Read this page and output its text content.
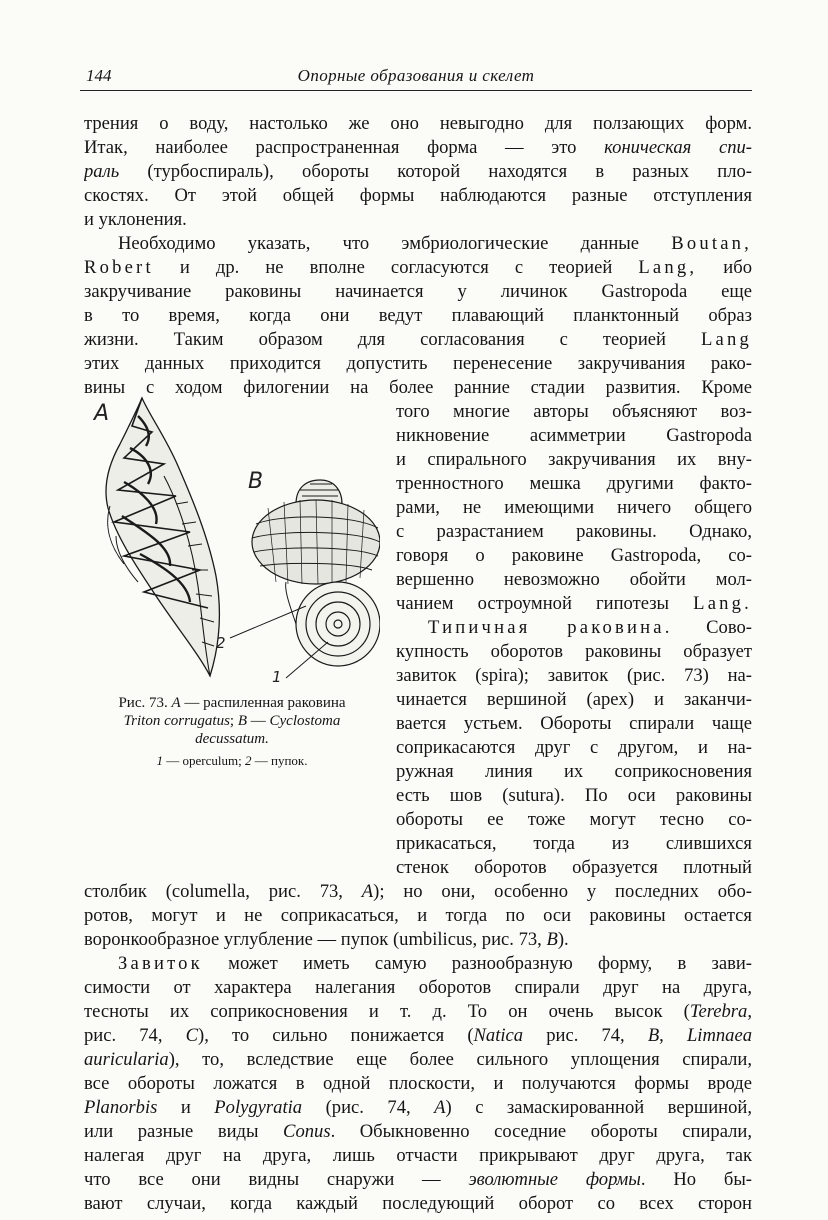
144	Опорные образования и скелет
трения о воду, настолько же оно невыгодно для ползающих форм.
Итак, наиболее распространенная форма — это коническая спи-
раль (турбоспираль), обороты которой находятся в разных пло-
скостях. От этой общей формы наблюдаются разные отступления
и уклонения.
Необходимо указать, что эмбриологические данные Boutan,
Robert и др. не вполне согласуются с теорией Lang, ибо
закручивание раковины начинается у личинок Gastropoda еще
в то время, когда они ведут плавающий планктонный образ
жизни. Таким образом для согласования с теорией Lang
этих данных приходится допустить перенесение закручивания рако-
вины с ходом филогении на более ранние стадии развития. Кроме
того многие авторы объясняют воз-
никновение асимметрии Gastropoda
и спирального закручивания их вну-
тренностного мешка другими факто-
рами, не имеющими ничего общего
с разрастанием раковины. Однако,
говоря о раковине Gastropoda, со-
вершенно невозможно обойти мол-
чанием остроумной гипотезы Lang.
Типичная раковина. Сово-
купность оборотов раковины образует
завиток (spira); завиток (рис. 73) на-
чинается вершиной (apex) и заканчи-
вается устьем. Обороты спирали чаще
соприкасаются друг с другом, и на-
ружная линия их соприкосновения
есть шов (sutura). По оси раковины
обороты ее тоже могут тесно со-
прикасаться, тогда из слившихся
стенок оборотов образуется плотный
столбик (columella, рис. 73, A); но они, особенно у последних обо-
ротов, могут и не соприкасаться, и тогда по оси раковины остается
воронкообразное углубление — пупок (umbilicus, рис. 73, B).
Завиток может иметь самую разнообразную форму, в зави-
симости от характера налегания оборотов спирали друг на друга,
тесноты их соприкосновения и т. д. То он очень высок (Terebra,
рис. 74, C), то сильно понижается (Natica рис. 74, B, Limnaea
auricularia), то, вследствие еще более сильного уплощения спирали,
все обороты ложатся в одной плоскости, и получаются формы вроде
Planorbis и Polygyratia (рис. 74, A) с замаскированной вершиной,
или разные виды Conus. Обыкновенно соседние обороты спирали,
налегая друг на друга, лишь отчасти прикрывают друг друга, так
что все они видны снаружи — эволютные формы. Но бы-
вают случаи, когда каждый последующий оборот со всех сторон
А
В
2
1
Рис. 73. A — распиленная раковина
Triton corrugatus; B — Cyclostoma
decussatum.
1 — operculum; 2 — пупок.
